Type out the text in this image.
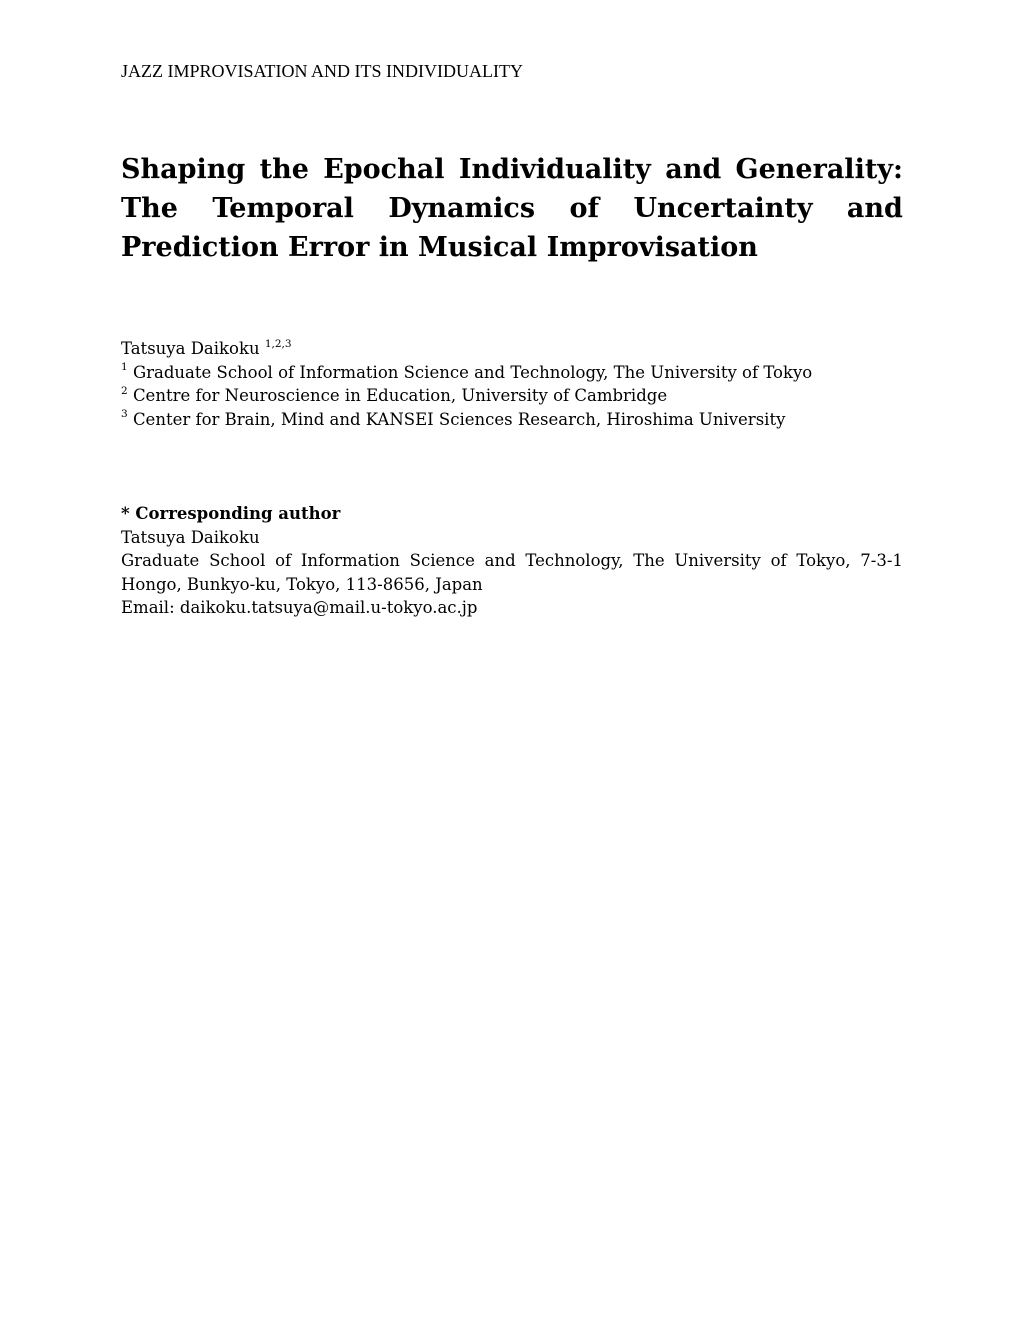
JAZZ IMPROVISATION AND ITS INDIVIDUALITY
Shaping the Epochal Individuality and Generality:
The Temporal Dynamics of Uncertainty and
Prediction Error in Musical Improvisation
Tatsuya Daikoku $^{1,2,3}$
$^1$ Graduate School of Information Science and Technology, The University of Tokyo
$^2$ Centre for Neuroscience in Education, University of Cambridge
$^3$ Center for Brain, Mind and KANSEI Sciences Research, Hiroshima University
* Corresponding author
Tatsuya Daikoku
Graduate School of Information Science and Technology, The University of Tokyo, 7-3-1
Hongo, Bunkyo-ku, Tokyo, 113-8656, Japan
Email: daikoku.tatsuya@mail.u-tokyo.ac.jp
